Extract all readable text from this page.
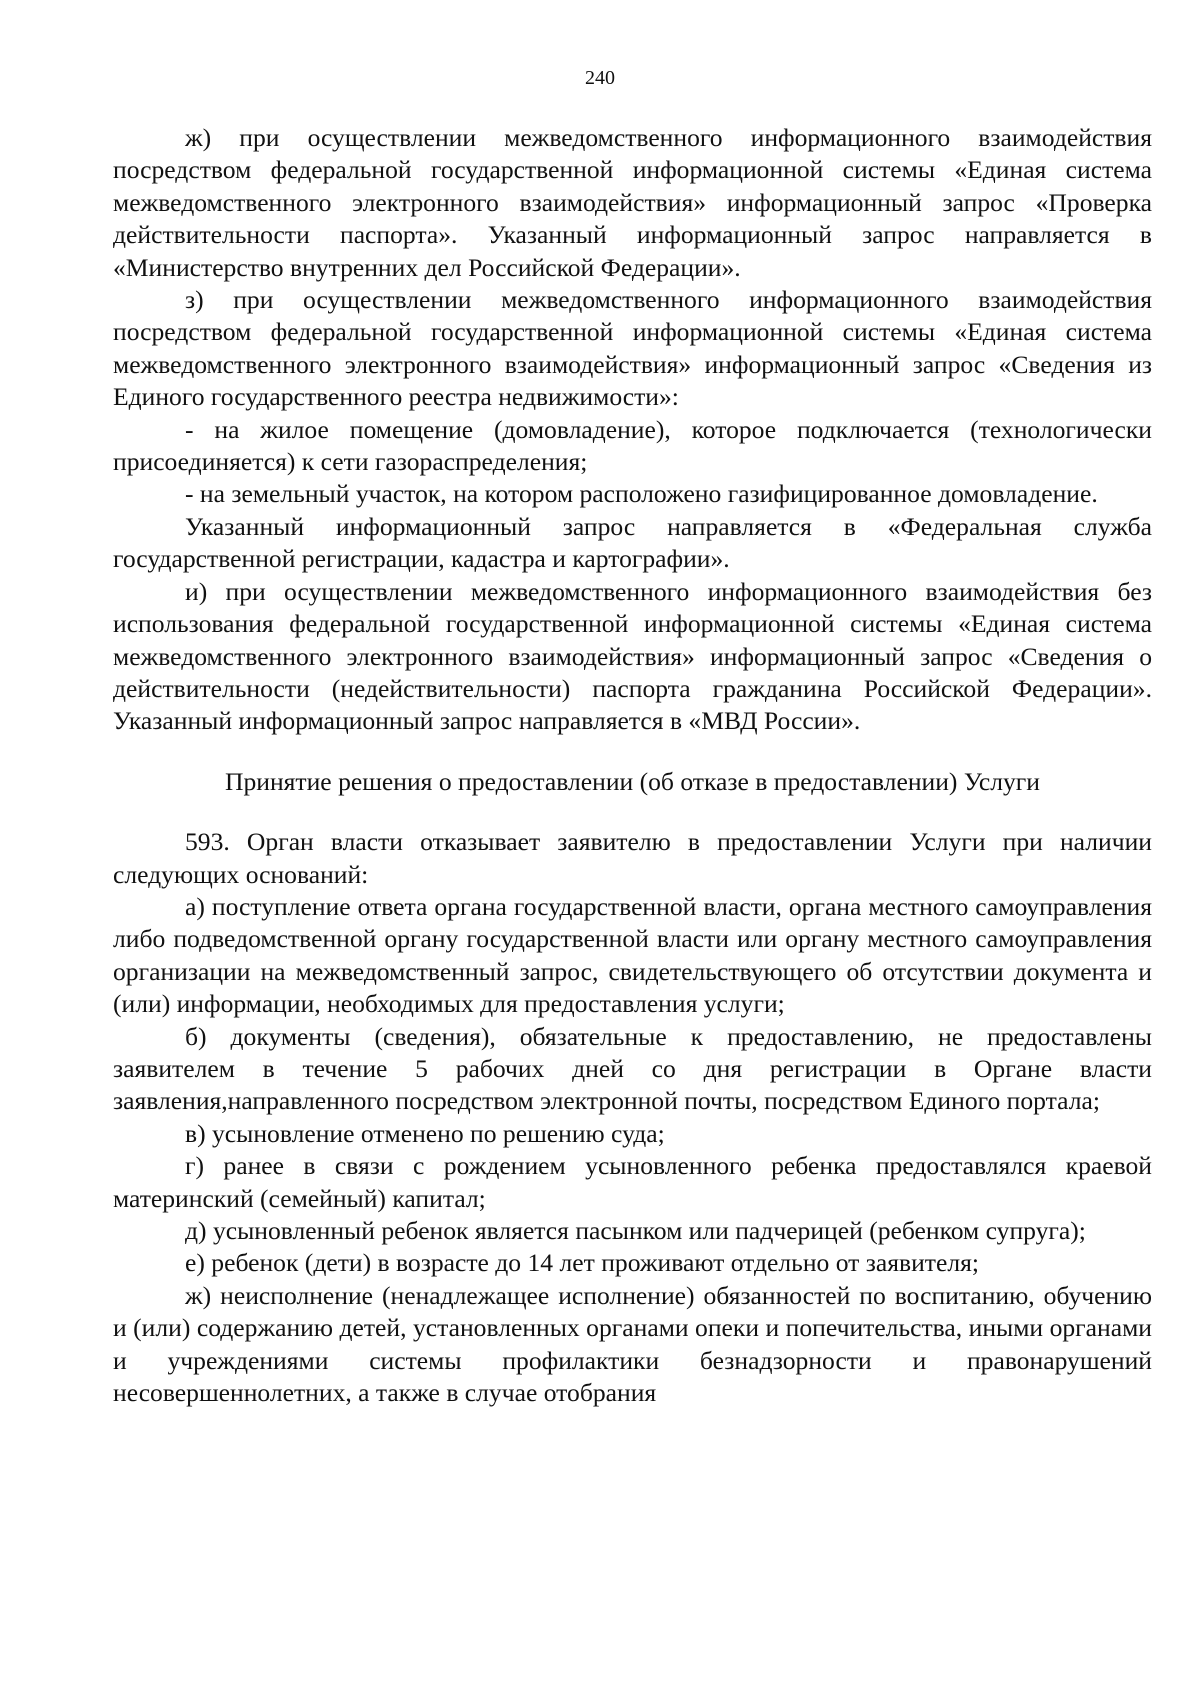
240

ж) при осуществлении межведомственного информационного взаимодействия посредством федеральной государственной информационной системы «Единая система межведомственного электронного взаимодействия» информационный запрос «Проверка действительности паспорта». Указанный информационный запрос направляется в «Министерство внутренних дел Российской Федерации».

з) при осуществлении межведомственного информационного взаимодействия посредством федеральной государственной информационной системы «Единая система межведомственного электронного взаимодействия» информационный запрос «Сведения из Единого государственного реестра недвижимости»:

- на жилое помещение (домовладение), которое подключается (технологически присоединяется) к сети газораспределения;

- на земельный участок, на котором расположено газифицированное домовладение.

Указанный информационный запрос направляется в «Федеральная служба государственной регистрации, кадастра и картографии».

и) при осуществлении межведомственного информационного взаимодействия без использования федеральной государственной информационной системы «Единая система межведомственного электронного взаимодействия» информационный запрос «Сведения о действительности (недействительности) паспорта гражданина Российской Федерации». Указанный информационный запрос направляется в «МВД России».

Принятие решения о предоставлении (об отказе в предоставлении) Услуги

593. Орган власти отказывает заявителю в предоставлении Услуги при наличии следующих оснований:

а) поступление ответа органа государственной власти, органа местного самоуправления либо подведомственной органу государственной власти или органу местного самоуправления организации на межведомственный запрос, свидетельствующего об отсутствии документа и (или) информации, необходимых для предоставления услуги;

б) документы (сведения), обязательные к предоставлению, не предоставлены заявителем в течение 5 рабочих дней со дня регистрации в Органе власти заявления,направленного посредством электронной почты, посредством Единого портала;

в) усыновление отменено по решению суда;

г) ранее в связи с рождением усыновленного ребенка предоставлялся краевой материнский (семейный) капитал;

д) усыновленный ребенок является пасынком или падчерицей (ребенком супруга);

е) ребенок (дети) в возрасте до 14 лет проживают отдельно от заявителя;

ж) неисполнение (ненадлежащее исполнение) обязанностей по воспитанию, обучению и (или) содержанию детей, установленных органами опеки и попечительства, иными органами и учреждениями системы профилактики безнадзорности и правонарушений несовершеннолетних, а также в случае отобрания
